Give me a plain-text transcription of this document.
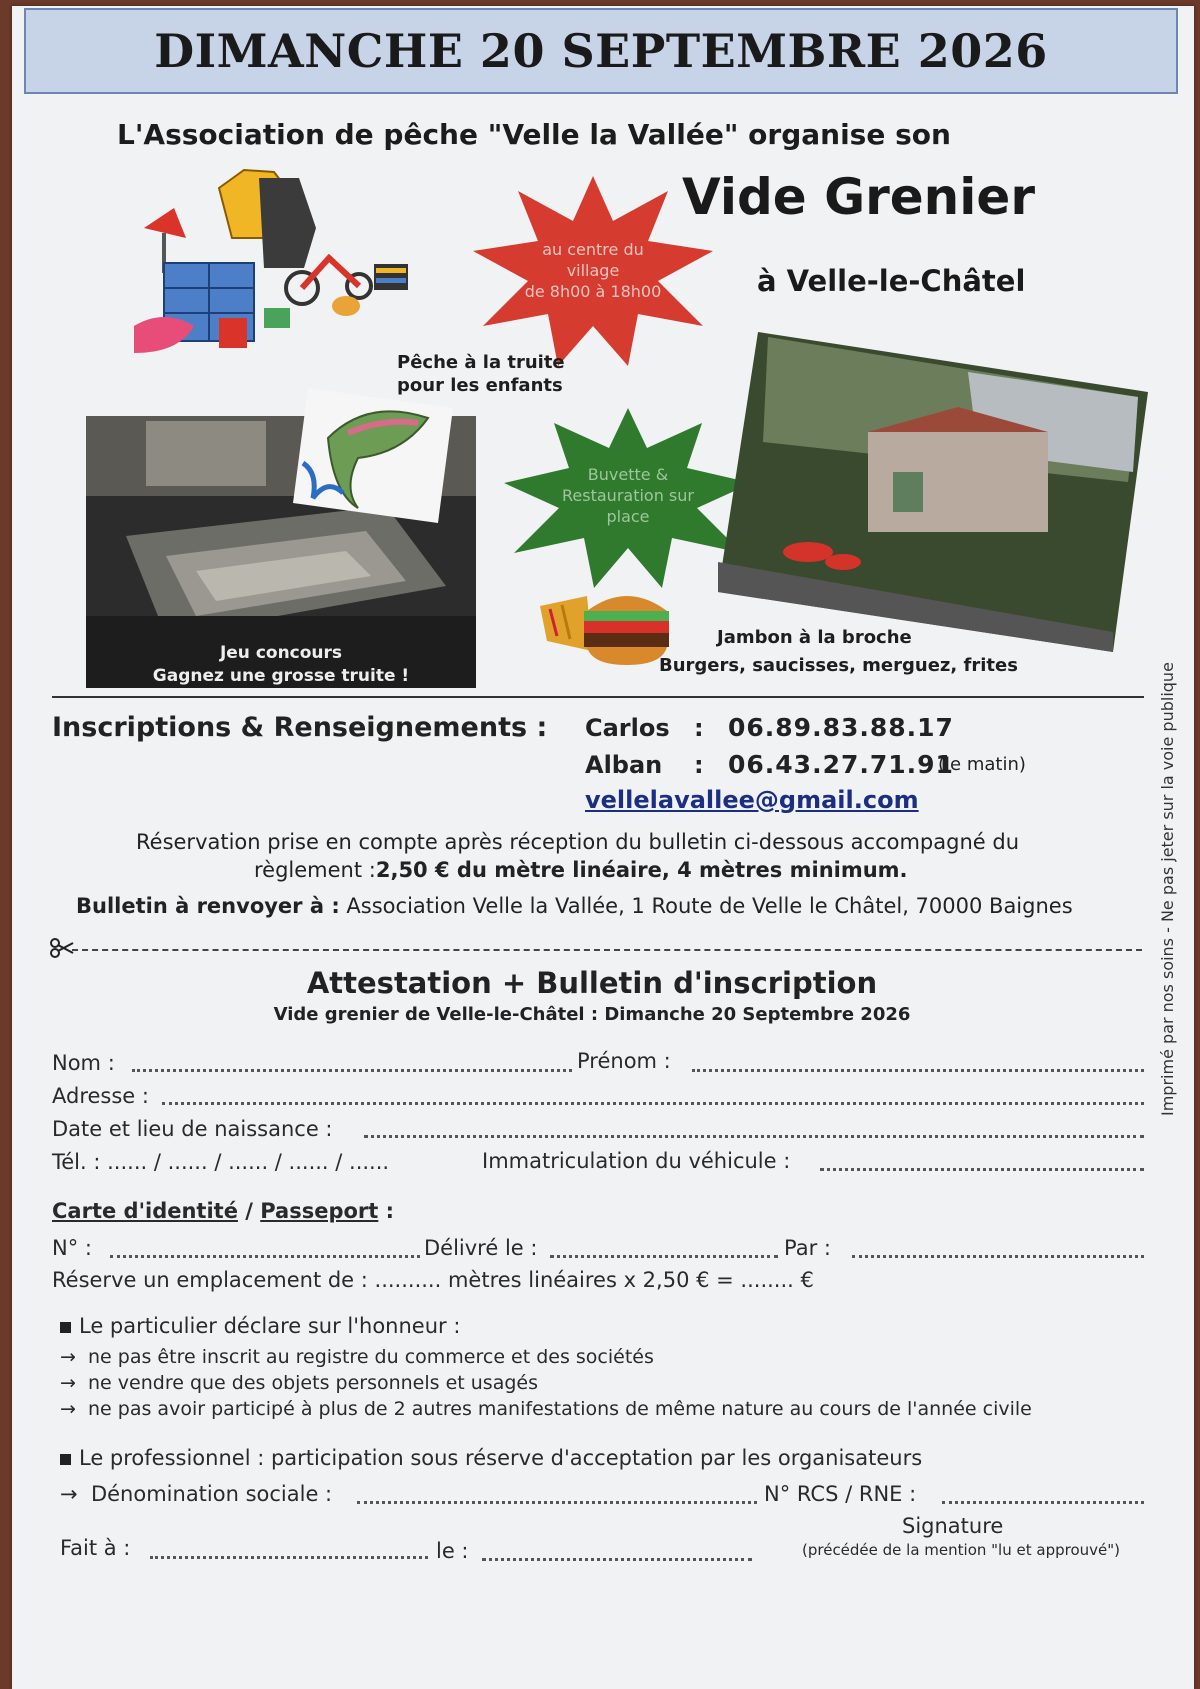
DIMANCHE 20 SEPTEMBRE 2026
L'Association de pêche "Velle la Vallée" organise son
Vide Grenier
à Velle-le-Châtel
au centre du
village
de 8h00 à 18h00
Pêche à la truite
pour les enfants
Jeu concours
Gagnez une grosse truite !
Buvette &
Restauration sur
place
Jambon à la broche
Burgers, saucisses, merguez, frites
Inscriptions & Renseignements : Carlos : 06.89.83.88.17
Alban : 06.43.27.71.91
(le matin)
vellelavallee@gmail.com
Réservation prise en compte après réception du bulletin ci-dessous accompagné du
règlement :2,50 € du mètre linéaire, 4 mètres minimum.
Bulletin à renvoyer à : Association Velle la Vallée, 1 Route de Velle le Châtel, 70000 Baignes
Attestation + Bulletin d'inscription
Vide grenier de Velle-le-Châtel : Dimanche 20 Septembre 2026
Nom :	Prénom :
Adresse :
Date et lieu de naissance :
Tél. : ...... / ...... / ...... / ...... / ......	Immatriculation du véhicule :
Carte d'identité / Passeport :
N° :	Délivré le :	Par :
Réserve un emplacement de : .......... mètres linéaires x 2,50 € = ........ €
Le particulier déclare sur l'honneur :
→ ne pas être inscrit au registre du commerce et des sociétés
→ ne vendre que des objets personnels et usagés
→ ne pas avoir participé à plus de 2 autres manifestations de même nature au cours de l'année civile
Le professionnel : participation sous réserve d'acceptation par les organisateurs
→ Dénomination sociale :	N° RCS / RNE :
Fait à :	le :
Signature
(précédée de la mention "lu et approuvé")
Imprimé par nos soins - Ne pas jeter sur la voie publique
